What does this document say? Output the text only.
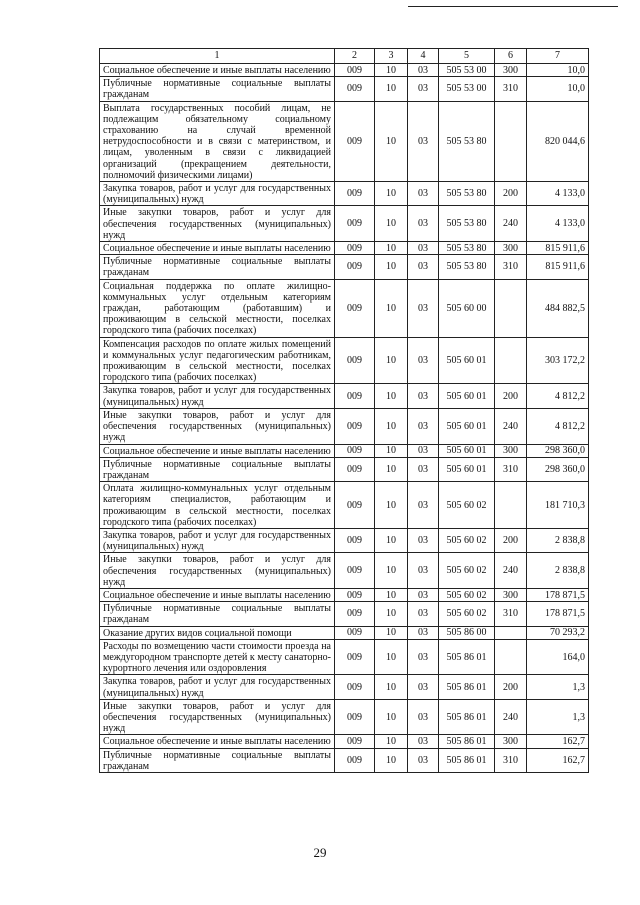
1	2	3	4	5	6	7
Социальное обеспечение и иные выплаты населению	009	10	03	505 53 00	300	10,0
Публичные нормативные социальные выплаты гражданам	009	10	03	505 53 00	310	10,0
Выплата государственных пособий лицам, не подлежащим обязательному социальному страхованию на случай временной нетрудоспособности и в связи с материнством, и лицам, уволенным в связи с ликвидацией организаций (прекращением деятельности, полномочий физическими лицами)	009	10	03	505 53 80		820 044,6
Закупка товаров, работ и услуг для государственных (муниципальных) нужд	009	10	03	505 53 80	200	4 133,0
Иные закупки товаров, работ и услуг для обеспечения государственных (муниципальных) нужд	009	10	03	505 53 80	240	4 133,0
Социальное обеспечение и иные выплаты населению	009	10	03	505 53 80	300	815 911,6
Публичные нормативные социальные выплаты гражданам	009	10	03	505 53 80	310	815 911,6
Социальная поддержка по оплате жилищно-коммунальных услуг отдельным категориям граждан, работающим (работавшим) и проживающим в сельской местности, поселках городского типа (рабочих поселках)	009	10	03	505 60 00		484 882,5
Компенсация расходов по оплате жилых помещений и коммунальных услуг педагогическим работникам, проживающим в сельской местности, поселках городского типа (рабочих поселках)	009	10	03	505 60 01		303 172,2
Закупка товаров, работ и услуг для государственных (муниципальных) нужд	009	10	03	505 60 01	200	4 812,2
Иные закупки товаров, работ и услуг для обеспечения государственных (муниципальных) нужд	009	10	03	505 60 01	240	4 812,2
Социальное обеспечение и иные выплаты населению	009	10	03	505 60 01	300	298 360,0
Публичные нормативные социальные выплаты гражданам	009	10	03	505 60 01	310	298 360,0
Оплата жилищно-коммунальных услуг отдельным категориям специалистов, работающим и проживающим в сельской местности, поселках городского типа (рабочих поселках)	009	10	03	505 60 02		181 710,3
Закупка товаров, работ и услуг для государственных (муниципальных) нужд	009	10	03	505 60 02	200	2 838,8
Иные закупки товаров, работ и услуг для обеспечения государственных (муниципальных) нужд	009	10	03	505 60 02	240	2 838,8
Социальное обеспечение и иные выплаты населению	009	10	03	505 60 02	300	178 871,5
Публичные нормативные социальные выплаты гражданам	009	10	03	505 60 02	310	178 871,5
Оказание других видов социальной помощи	009	10	03	505 86 00		70 293,2
Расходы по возмещению части стоимости проезда на междугородном транспорте детей к месту санаторно-курортного лечения или оздоровления	009	10	03	505 86 01		164,0
Закупка товаров, работ и услуг для государственных (муниципальных) нужд	009	10	03	505 86 01	200	1,3
Иные закупки товаров, работ и услуг для обеспечения государственных (муниципальных) нужд	009	10	03	505 86 01	240	1,3
Социальное обеспечение и иные выплаты населению	009	10	03	505 86 01	300	162,7
Публичные нормативные социальные выплаты гражданам	009	10	03	505 86 01	310	162,7
29
